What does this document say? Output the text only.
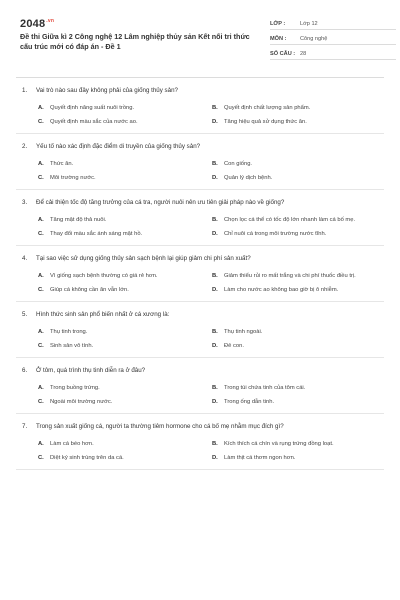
$2048^{.vn}$
Đề thi Giữa kì 2 Công nghệ 12 Lâm nghiệp thủy sản Kết nối tri thức cấu trúc mới có đáp án - Đề 1
LỚP :	Lớp 12
MÔN :	Công nghệ
SỐ CÂU : 28
1.	Vai trò nào sau đây không phải của giống thủy sản?
A.	Quyết định năng suất nuôi trồng.	B.	Quyết định chất lượng sản phẩm.
C.	Quyết định màu sắc của nước ao.	D.	Tăng hiệu quả sử dụng thức ăn.
2.	Yếu tố nào xác định đặc điểm di truyền của giống thủy sản?
A.	Thức ăn.	B.	Con giống.
C.	Môi trường nước.	D.	Quản lý dịch bệnh.
3.	Để cải thiện tốc độ tăng trưởng của cá tra, người nuôi nên ưu tiên giải pháp nào về giống?
A.	Tăng mật độ thả nuôi.	B.	Chọn lọc cá thể có tốc độ lớn nhanh làm cá bố mẹ.
C.	Thay đổi màu sắc ánh sáng mặt hồ.	D.	Chỉ nuôi cá trong môi trường nước tĩnh.
4.	Tại sao việc sử dụng giống thủy sản sạch bệnh lại giúp giảm chi phí sản xuất?
A.	Vì giống sạch bệnh thường có giá rẻ hơn.	B.	Giảm thiểu rủi ro mất trắng và chi phí thuốc điều trị.
C.	Giúp cá không cần ăn vẫn lớn.	D.	Làm cho nước ao không bao giờ bị ô nhiễm.
5.	Hình thức sinh sản phổ biến nhất ở cá xương là:
A.	Thụ tinh trong.	B.	Thụ tinh ngoài.
C.	Sinh sản vô tính.	D.	Đẻ con.
6.	Ở tôm, quá trình thụ tinh diễn ra ở đâu?
A.	Trong buồng trứng.	B.	Trong túi chứa tinh của tôm cái.
C.	Ngoài môi trường nước.	D.	Trong ống dẫn tinh.
7.	Trong sản xuất giống cá, người ta thường tiêm hormone cho cá bố mẹ nhằm mục đích gì?
A.	Làm cá béo hơn.	B.	Kích thích cá chín và rụng trứng đồng loạt.
C.	Diệt ký sinh trùng trên da cá.	D.	Làm thịt cá thơm ngon hơn.
